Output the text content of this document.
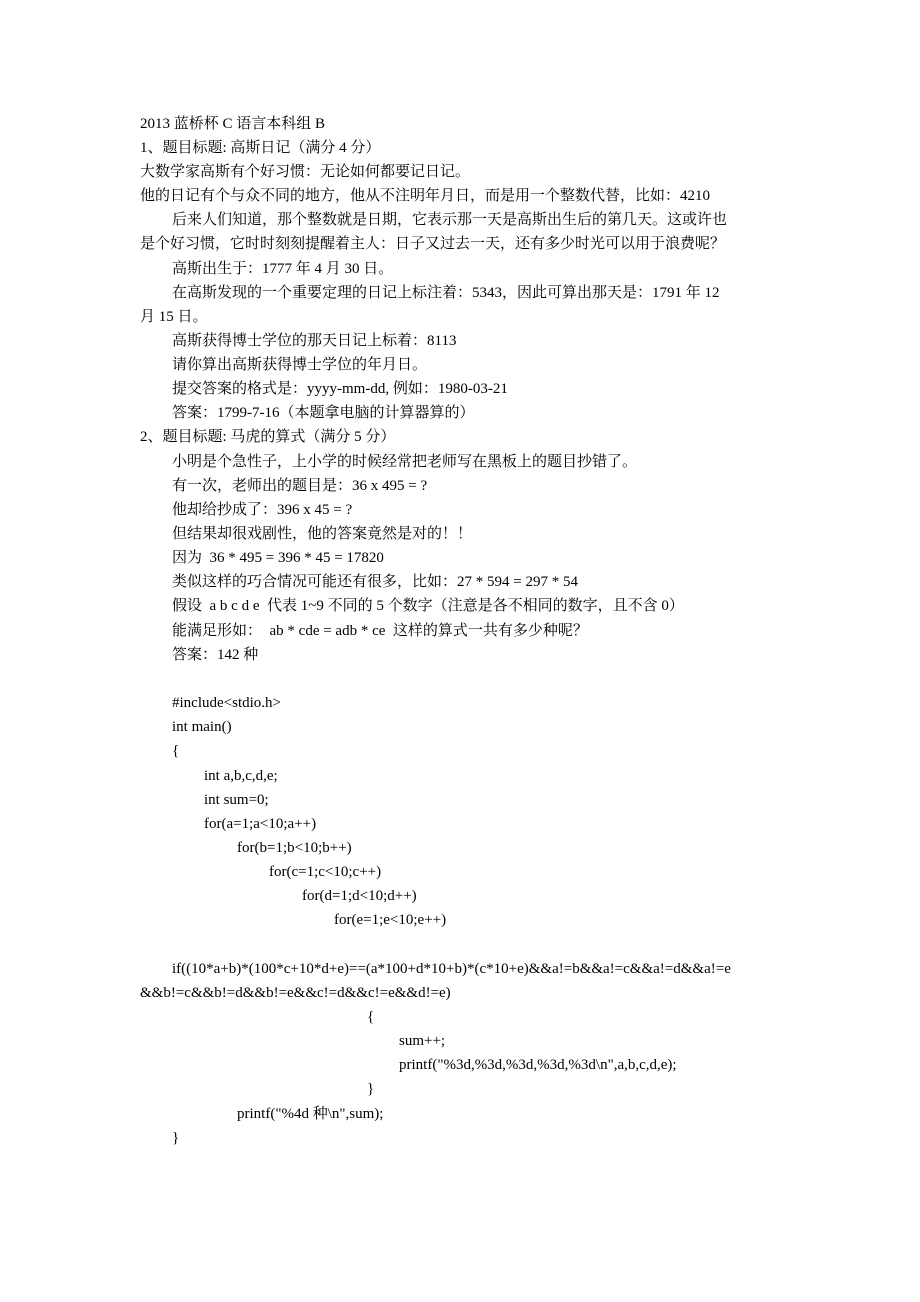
2013 蓝桥杯 C 语言本科组 B
1、题目标题: 高斯日记（满分 4 分）
大数学家高斯有个好习惯：无论如何都要记日记。
他的日记有个与众不同的地方，他从不注明年月日，而是用一个整数代替，比如：4210
后来人们知道，那个整数就是日期，它表示那一天是高斯出生后的第几天。这或许也
是个好习惯，它时时刻刻提醒着主人：日子又过去一天，还有多少时光可以用于浪费呢？
高斯出生于：1777 年 4 月 30 日。
在高斯发现的一个重要定理的日记上标注着：5343，因此可算出那天是：1791 年 12
月 15 日。
高斯获得博士学位的那天日记上标着：8113
请你算出高斯获得博士学位的年月日。
提交答案的格式是：yyyy-mm-dd, 例如：1980-03-21
答案：1799-7-16（本题拿电脑的计算器算的）
2、题目标题: 马虎的算式（满分 5 分）
小明是个急性子，上小学的时候经常把老师写在黑板上的题目抄错了。
有一次，老师出的题目是：36 x 495 = ?
他却给抄成了：396 x 45 = ?
但结果却很戏剧性，他的答案竟然是对的！！
因为  36 * 495 = 396 * 45 = 17820
类似这样的巧合情况可能还有很多，比如：27 * 594 = 297 * 54
假设  a b c d e  代表 1~9 不同的 5 个数字（注意是各不相同的数字，且不含 0）
能满足形如：  ab * cde = adb * ce  这样的算式一共有多少种呢？
答案：142 种
#include<stdio.h>
int main()
{
int a,b,c,d,e;
int sum=0;
for(a=1;a<10;a++)
for(b=1;b<10;b++)
for(c=1;c<10;c++)
for(d=1;d<10;d++)
for(e=1;e<10;e++)
if((10*a+b)*(100*c+10*d+e)==(a*100+d*10+b)*(c*10+e)&&a!=b&&a!=c&&a!=d&&a!=e
&&b!=c&&b!=d&&b!=e&&c!=d&&c!=e&&d!=e)
{
sum++;
printf("%3d,%3d,%3d,%3d,%3d\n",a,b,c,d,e);
}
printf("%4d 种\n",sum);
}
